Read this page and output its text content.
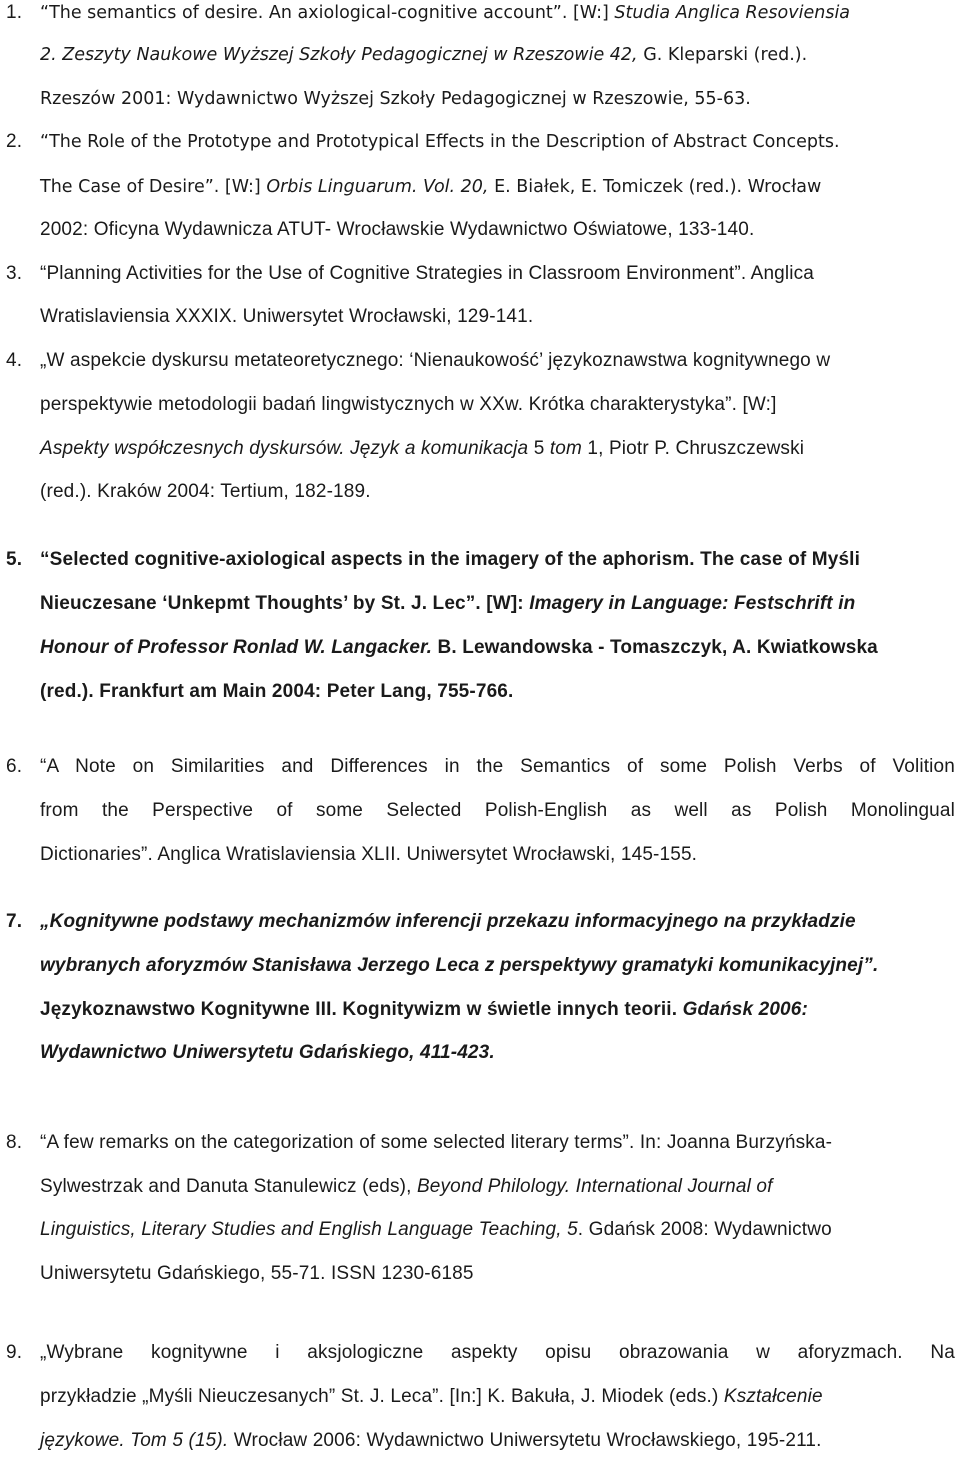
1. “The semantics of desire. An axiological-cognitive account”. [W:] Studia Anglica Resoviensia
2. Zeszyty Naukowe Wyższej Szkoły Pedagogicznej w Rzeszowie 42, G. Kleparski (red.).
Rzeszów 2001: Wydawnictwo Wyższej Szkoły Pedagogicznej w Rzeszowie, 55-63.
2. “The Role of the Prototype and Prototypical Effects in the Description of Abstract Concepts.
The Case of Desire”. [W:] Orbis Linguarum. Vol. 20, E. Białek, E. Tomiczek (red.). Wrocław
2002: Oficyna Wydawnicza ATUT- Wrocławskie Wydawnictwo Oświatowe, 133-140.
3. “Planning Activities for the Use of Cognitive Strategies in Classroom Environment”. Anglica
Wratislaviensia XXXIX. Uniwersytet Wrocławski, 129-141.
4. „W aspekcie dyskursu metateoretycznego: ‘Nienaukowość’ językoznawstwa kognitywnego w
perspektywie metodologii badań lingwistycznych w XXw. Krótka charakterystyka”. [W:]
Aspekty współczesnych dyskursów. Język a komunikacja 5 tom 1, Piotr P. Chruszczewski
(red.). Kraków 2004: Tertium, 182-189.
5. “Selected cognitive-axiological aspects in the imagery of the aphorism. The case of Myśli
Nieuczesane ‘Unkepmt Thoughts’ by St. J. Lec”. [W]: Imagery in Language: Festschrift in
Honour of Professor Ronlad W. Langacker. B. Lewandowska - Tomaszczyk, A. Kwiatkowska
(red.). Frankfurt am Main 2004: Peter Lang, 755-766.
6. “A Note on Similarities and Differences in the Semantics of some Polish Verbs of Volition
from the Perspective of some Selected Polish-English as well as Polish Monolingual
Dictionaries”. Anglica Wratislaviensia XLII. Uniwersytet Wrocławski, 145-155.
7. „Kognitywne podstawy mechanizmów inferencji przekazu informacyjnego na przykładzie
wybranych aforyzmów Stanisława Jerzego Leca z perspektywy gramatyki komunikacyjnej”.
Językoznawstwo Kognitywne III. Kognitywizm w świetle innych teorii. Gdańsk 2006:
Wydawnictwo Uniwersytetu Gdańskiego, 411-423.
8. “A few remarks on the categorization of some selected literary terms”. In: Joanna Burzyńska-
Sylwestrzak and Danuta Stanulewicz (eds), Beyond Philology. International Journal of
Linguistics, Literary Studies and English Language Teaching, 5. Gdańsk 2008: Wydawnictwo
Uniwersytetu Gdańskiego, 55-71. ISSN 1230-6185
9. „Wybrane kognitywne i aksjologiczne aspekty opisu obrazowania w aforyzmach. Na
przykładzie „Myśli Nieuczesanych” St. J. Leca”. [In:] K. Bakuła, J. Miodek (eds.) Kształcenie
językowe. Tom 5 (15). Wrocław 2006: Wydawnictwo Uniwersytetu Wrocławskiego, 195-211.
